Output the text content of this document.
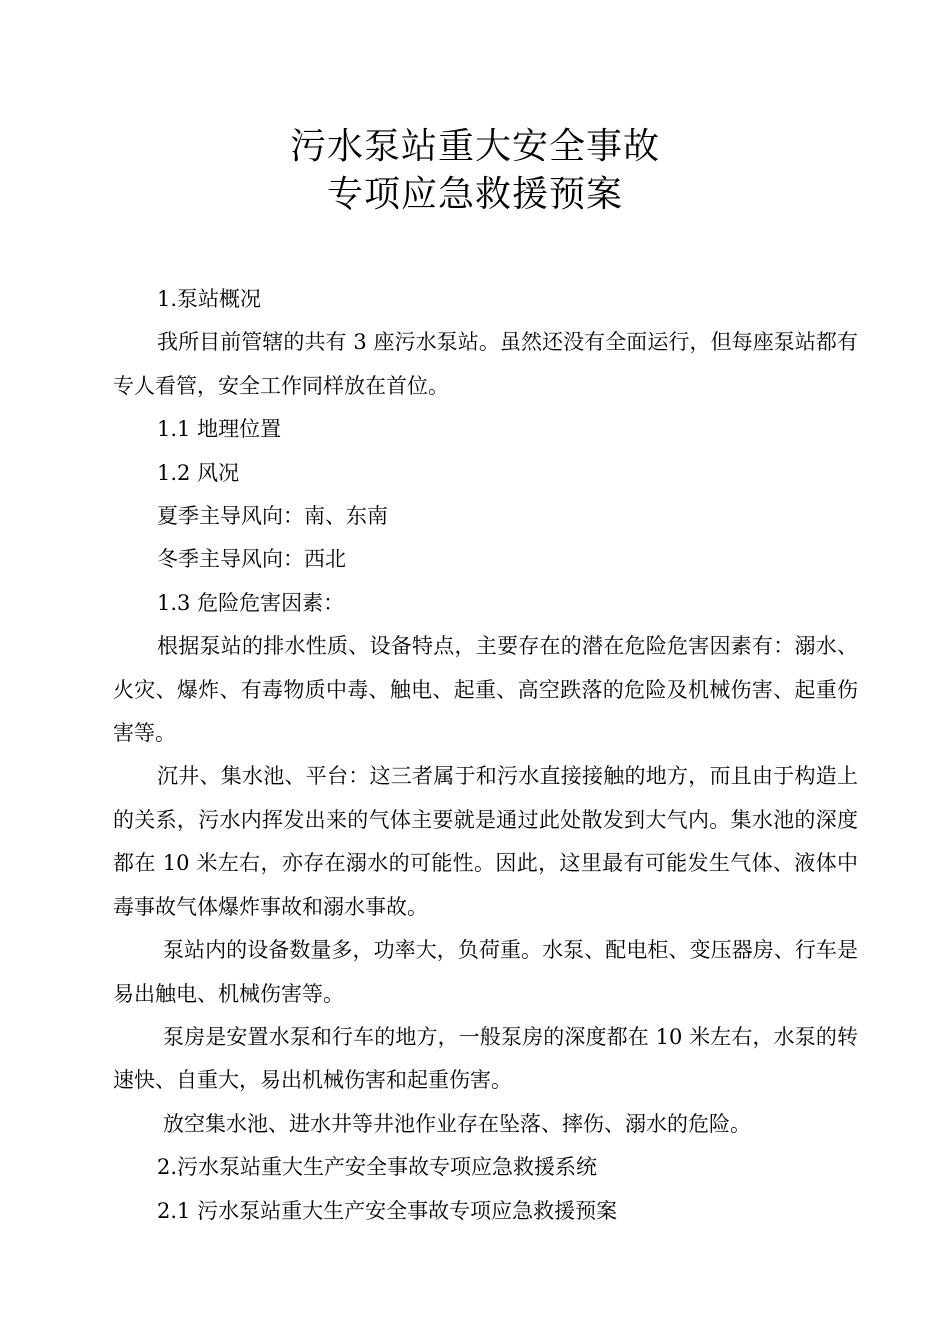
污水泵站重大安全事故
专项应急救援预案

1.泵站概况

我所目前管辖的共有 3 座污水泵站。虽然还没有全面运行，但每座泵站都有专人看管，安全工作同样放在首位。

1.1 地理位置

1.2 风况

夏季主导风向：南、东南

冬季主导风向：西北

1.3 危险危害因素：

根据泵站的排水性质、设备特点，主要存在的潜在危险危害因素有：溺水、火灾、爆炸、有毒物质中毒、触电、起重、高空跌落的危险及机械伤害、起重伤害等。

沉井、集水池、平台：这三者属于和污水直接接触的地方，而且由于构造上的关系，污水内挥发出来的气体主要就是通过此处散发到大气内。集水池的深度都在 10 米左右，亦存在溺水的可能性。因此，这里最有可能发生气体、液体中毒事故气体爆炸事故和溺水事故。

泵站内的设备数量多，功率大，负荷重。水泵、配电柜、变压器房、行车是易出触电、机械伤害等。

泵房是安置水泵和行车的地方，一般泵房的深度都在 10 米左右，水泵的转速快、自重大，易出机械伤害和起重伤害。

放空集水池、进水井等井池作业存在坠落、摔伤、溺水的危险。

2.污水泵站重大生产安全事故专项应急救援系统

2.1 污水泵站重大生产安全事故专项应急救援预案
